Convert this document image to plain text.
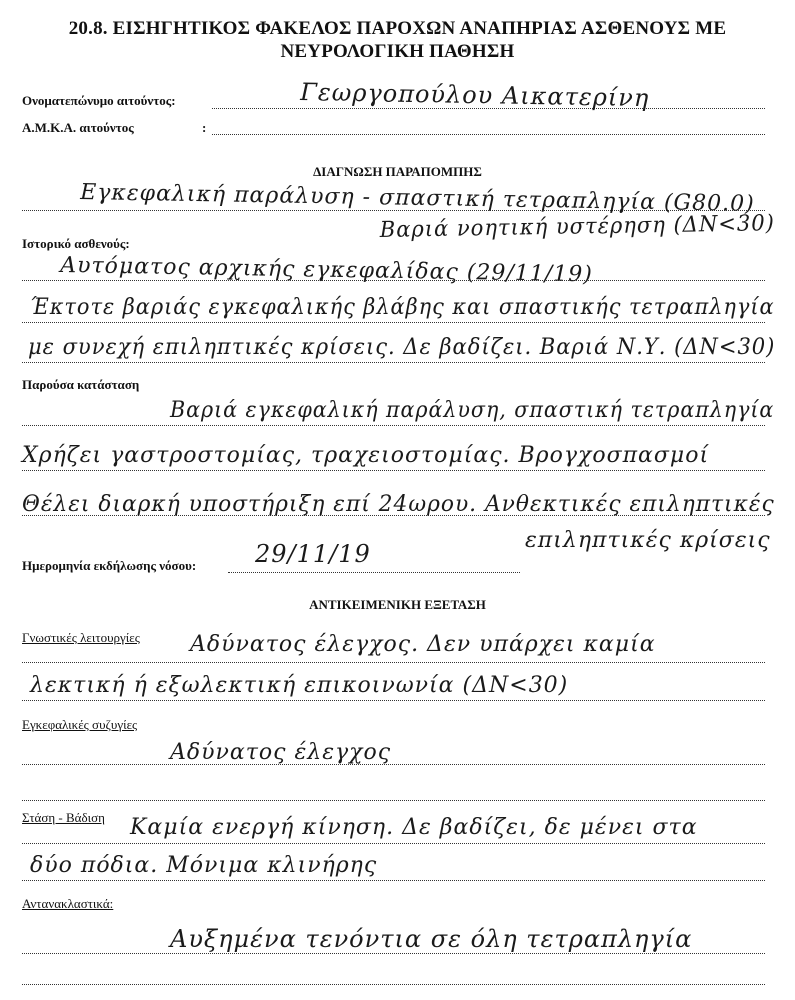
20.8. ΕΙΣΗΓΗΤΙΚΟΣ ΦΑΚΕΛΟΣ ΠΑΡΟΧΩΝ ΑΝΑΠΗΡΙΑΣ ΑΣΘΕΝΟΥΣ ΜΕ
ΝΕΥΡΟΛΟΓΙΚΗ ΠΑΘΗΣΗ
Ονοματεπώνυμο αιτούντος:	Γεωργοπούλου Αικατερίνη
Α.Μ.Κ.Α. αιτούντος	:
ΔΙΑΓΝΩΣΗ ΠΑΡΑΠΟΜΠΗΣ
Εγκεφαλική παράλυση - σπαστική τετραπληγία (G80.0)
Βαριά νοητική υστέρηση (ΔΝ<30)
Ιστορικό ασθενούς:
Αυτόματος αρχικής εγκεφαλίδας (29/11/19)
Έκτοτε βαριάς εγκεφαλικής βλάβης και σπαστικής τετραπληγία
με συνεχή επιληπτικές κρίσεις. Δε βαδίζει. Βαριά Ν.Υ. (ΔΝ<30)
Παρούσα κατάσταση
Βαριά εγκεφαλική παράλυση, σπαστική τετραπληγία
Χρήζει γαστροστομίας, τραχειοστομίας. Βρογχοσπασμοί
Θέλει διαρκή υποστήριξη επί 24ωρου. Ανθεκτικές επιληπτικές
επιληπτικές κρίσεις
Ημερομηνία εκδήλωσης νόσου: 29/11/19
ΑΝΤΙΚΕΙΜΕΝΙΚΗ ΕΞΕΤΑΣΗ
Γνωστικές λειτουργίες Αδύνατος έλεγχος. Δεν υπάρχει καμία
λεκτική ή εξωλεκτική επικοινωνία (ΔΝ<30)
Εγκεφαλικές συζυγίες
Αδύνατος έλεγχος
Στάση - Βάδιση Καμία ενεργή κίνηση. Δε βαδίζει, δε μένει στα
δύο πόδια. Μόνιμα κλινήρης
Αντανακλαστικά:
Αυξημένα τενόντια σε όλη τετραπληγία
